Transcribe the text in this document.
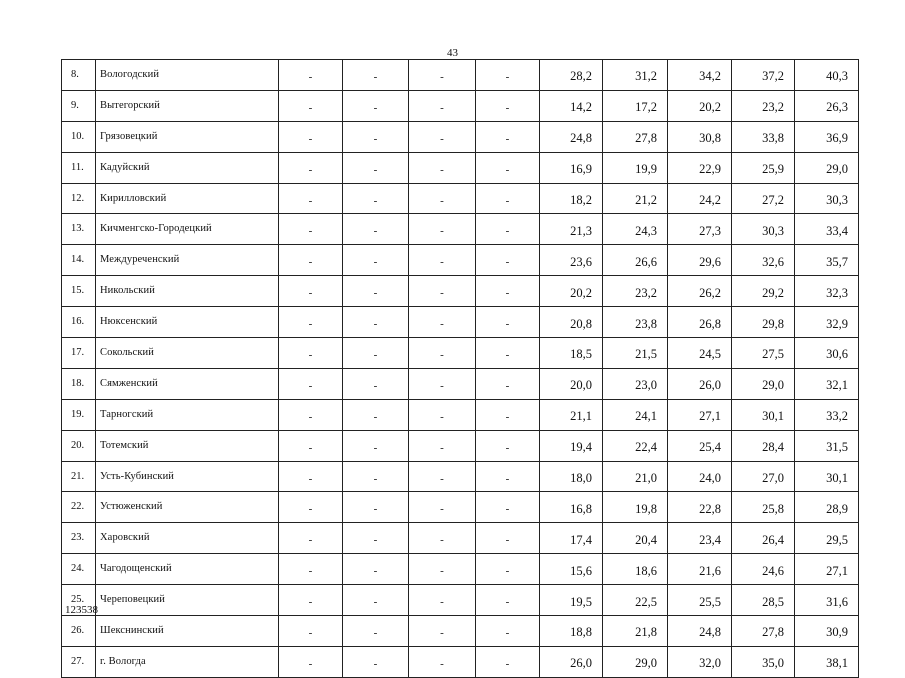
43
8.	Вологодский	-	-	-	-	28,2	31,2	34,2	37,2	40,3
9.	Вытегорский	-	-	-	-	14,2	17,2	20,2	23,2	26,3
10.	Грязовецкий	-	-	-	-	24,8	27,8	30,8	33,8	36,9
11.	Кадуйский	-	-	-	-	16,9	19,9	22,9	25,9	29,0
12.	Кирилловский	-	-	-	-	18,2	21,2	24,2	27,2	30,3
13.	Кичменгско-Городецкий	-	-	-	-	21,3	24,3	27,3	30,3	33,4
14.	Междуреченский	-	-	-	-	23,6	26,6	29,6	32,6	35,7
15.	Никольский	-	-	-	-	20,2	23,2	26,2	29,2	32,3
16.	Нюксенский	-	-	-	-	20,8	23,8	26,8	29,8	32,9
17.	Сокольский	-	-	-	-	18,5	21,5	24,5	27,5	30,6
18.	Сямженский	-	-	-	-	20,0	23,0	26,0	29,0	32,1
19.	Тарногский	-	-	-	-	21,1	24,1	27,1	30,1	33,2
20.	Тотемский	-	-	-	-	19,4	22,4	25,4	28,4	31,5
21.	Усть-Кубинский	-	-	-	-	18,0	21,0	24,0	27,0	30,1
22.	Устюженский	-	-	-	-	16,8	19,8	22,8	25,8	28,9
23.	Харовский	-	-	-	-	17,4	20,4	23,4	26,4	29,5
24.	Чагодощенский	-	-	-	-	15,6	18,6	21,6	24,6	27,1
25.	Череповецкий	-	-	-	-	19,5	22,5	25,5	28,5	31,6
26.	Шекснинский	-	-	-	-	18,8	21,8	24,8	27,8	30,9
27.	г. Вологда	-	-	-	-	26,0	29,0	32,0	35,0	38,1
123538
